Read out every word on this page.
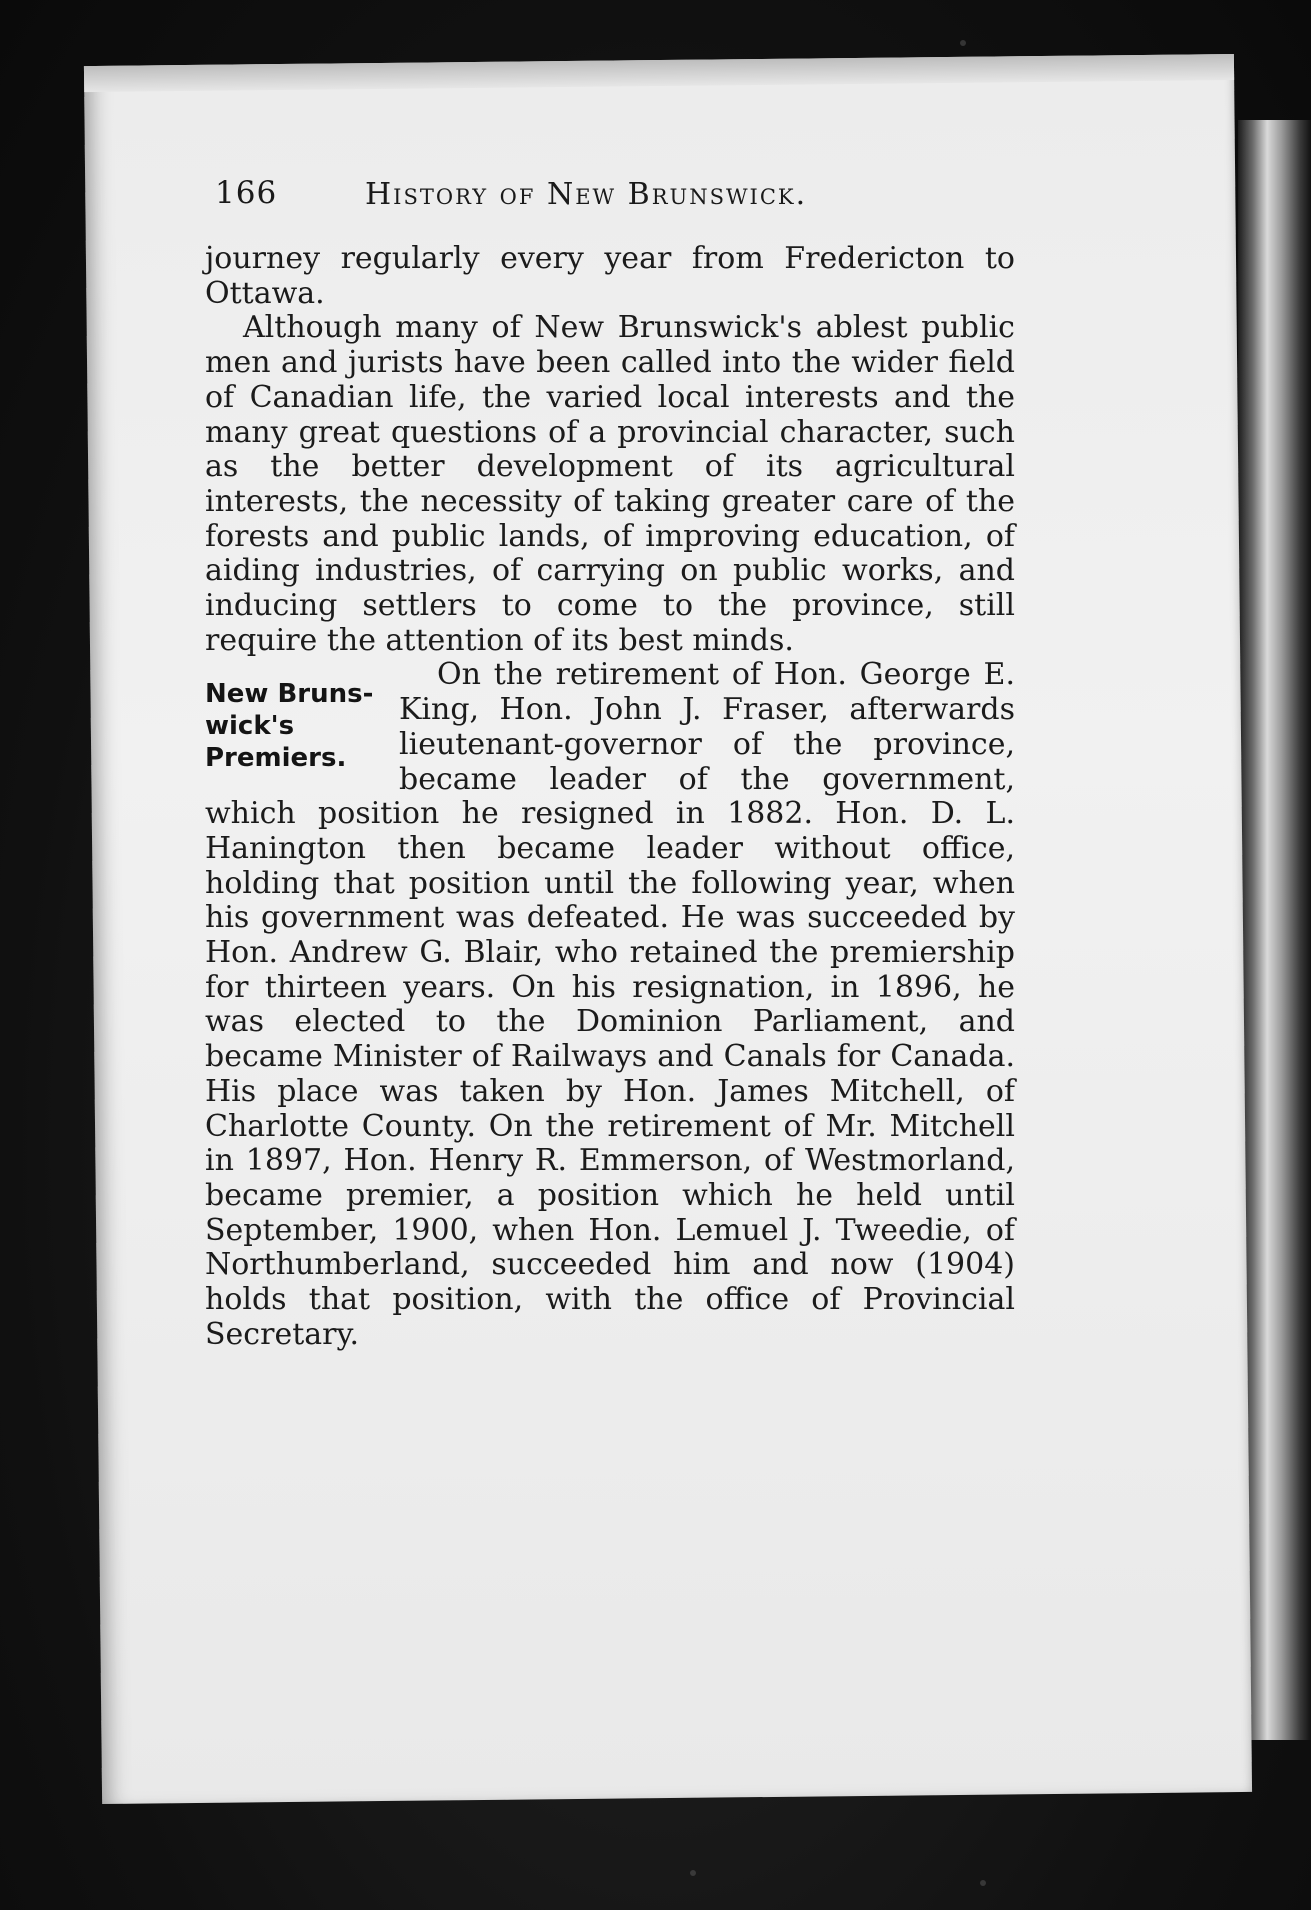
166	History of New Brunswick.

journey regularly every year from Fredericton to Ottawa.

Although many of New Brunswick's ablest public men and jurists have been called into the wider field of Canadian life, the varied local interests and the many great questions of a provincial character, such as the better development of its agricultural interests, the necessity of taking greater care of the forests and public lands, of improving education, of aiding industries, of carrying on public works, and inducing settlers to come to the province, still require the attention of its best minds.

New Bruns-
wick's
Premiers.

On the retirement of Hon. George E. King, Hon. John J. Fraser, afterwards lieutenant-governor of the province, became leader of the government, which position he resigned in 1882. Hon. D. L. Hanington then became leader without office, holding that position until the following year, when his government was defeated. He was succeeded by Hon. Andrew G. Blair, who retained the premiership for thirteen years. On his resignation, in 1896, he was elected to the Dominion Parliament, and became Minister of Railways and Canals for Canada. His place was taken by Hon. James Mitchell, of Charlotte County. On the retirement of Mr. Mitchell in 1897, Hon. Henry R. Emmerson, of Westmorland, became premier, a position which he held until September, 1900, when Hon. Lemuel J. Tweedie, of Northumberland, succeeded him and now (1904) holds that position, with the office of Provincial Secretary.
